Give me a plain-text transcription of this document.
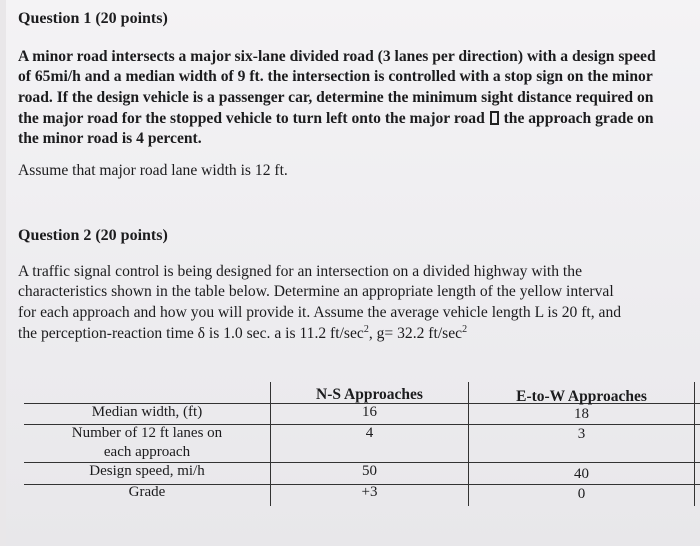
Question 1 (20 points)
A minor road intersects a major six-lane divided road (3 lanes per direction) with a design speed
of 65mi/h and a median width of 9 ft. the intersection is controlled with a stop sign on the minor
road. If the design vehicle is a passenger car, determine the minimum sight distance required on
the major road for the stopped vehicle to turn left onto the major road the approach grade on
the minor road is 4 percent.
Assume that major road lane width is 12 ft.
Question 2 (20 points)
A traffic signal control is being designed for an intersection on a divided highway with the
characteristics shown in the table below. Determine an appropriate length of the yellow interval
for each approach and how you will provide it. Assume the average vehicle length L is 20 ft, and
the perception-reaction time δ is 1.0 sec. a is 11.2 $ft/\sec^2$, g= 32.2 $ft/\sec^2$
N-S Approaches	E-to-W Approaches
Median width, (ft)
Number of 12 ft lanes on
each approach
Design speed, mi/h
Grade
16
4
50
+3
18
3
40
0
